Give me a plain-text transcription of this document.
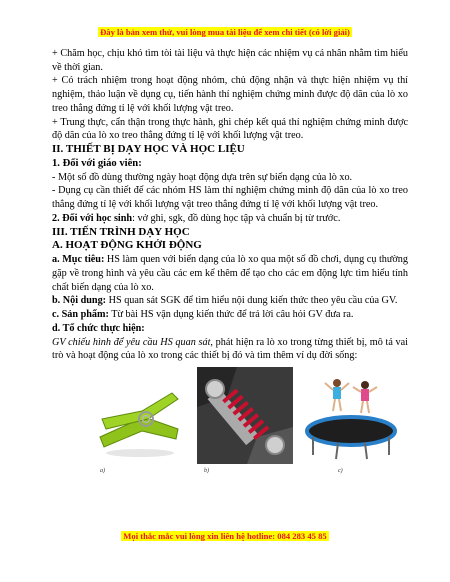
Đây là bản xem thử, vui lòng mua tài liệu để xem chi tiết (có lời giải)

+ Chăm học, chịu khó tìm tòi tài liệu và thực hiện các nhiệm vụ cá nhân nhằm tìm hiểu về thời gian.

+ Có trách nhiệm trong hoạt động nhóm, chủ động nhận và thực hiện nhiệm vụ thí nghiệm, thảo luận về dụng cụ, tiến hành thí nghiệm chứng minh được độ dãn của lò xo treo thẳng đứng tỉ lệ với khối lượng vật treo.

+ Trung thực, cẩn thận trong thực hành, ghi chép kết quả thí nghiệm chứng minh được độ dãn của lò xo treo thẳng đứng tỉ lệ với khối lượng vật treo.

II. THIẾT BỊ DẠY HỌC VÀ HỌC LIỆU

1. Đối với giáo viên:

- Một số đồ dùng thường ngày hoạt động dựa trên sự biến dạng của lò xo.

- Dụng cụ cần thiết để các nhóm HS làm thí nghiệm chứng minh độ dãn của lò xo treo thẳng đứng tỉ lệ với khối lượng vật treo thẳng đứng tỉ lệ với khối lượng vật treo.

2. Đối với học sinh: vở ghi, sgk, đồ dùng học tập và chuẩn bị từ trước.

III. TIẾN TRÌNH DẠY HỌC

A. HOẠT ĐỘNG KHỞI ĐỘNG

a. Mục tiêu: HS làm quen với biến dạng của lò xo qua một số đồ chơi, dụng cụ thường gặp về trong hình và yêu cầu các em kể thêm để tạo cho các em động lực tìm hiểu tính chất biến dạng của lò xo.

b. Nội dung: HS quan sát SGK để tìm hiểu nội dung kiến thức theo yêu cầu của GV.

c. Sản phẩm: Từ bài HS vận dụng kiến thức để trả lời câu hỏi GV đưa ra.

d. Tổ chức thực hiện:

GV chiếu hình để yêu cầu HS quan sát, phát hiện ra lò xo trong từng thiết bị, mô tả vai trò và hoạt động của lò xo trong các thiết bị đó và tìm thêm ví dụ đời sống:

a)	b)	c)
Mọi thắc mắc vui lòng xin liên hệ hotline: 084 283 45 85
